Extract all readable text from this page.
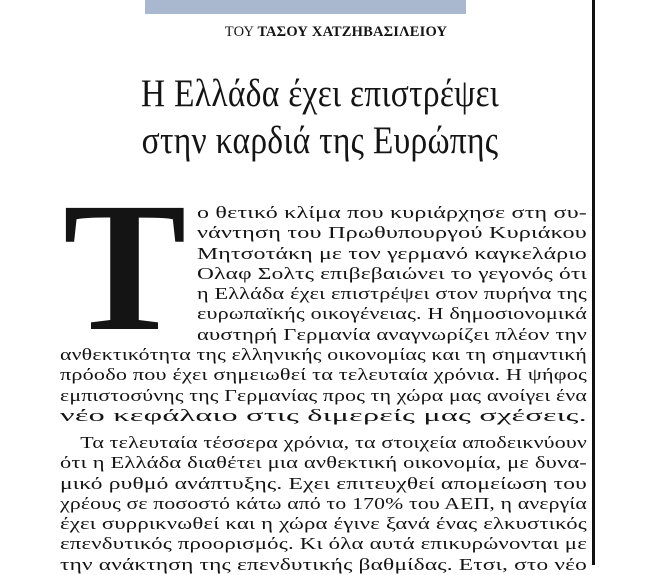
ΤΟΥ ΤΑΣΟΥ ΧΑΤΖΗΒΑΣΙΛΕΙΟΥ
Η Ελλάδα έχει επιστρέψει
στην καρδιά της Ευρώπης
Τ ο θετικό κλίμα που κυριάρχησε στη συ-
νάντηση του Πρωθυπουργού Κυριάκου
Μητσοτάκη με τον γερμανό καγκελάριο
Ολαφ Σολτς επιβεβαιώνει το γεγονός ότι
η Ελλάδα έχει επιστρέψει στον πυρήνα της
ευρωπαϊκής οικογένειας. Η δημοσιονομικά
αυστηρή Γερμανία αναγνωρίζει πλέον την
ανθεκτικότητα της ελληνικής οικονομίας και τη σημαντική
πρόοδο που έχει σημειωθεί τα τελευταία χρόνια. Η ψήφος
εμπιστοσύνης της Γερμανίας προς τη χώρα μας ανοίγει ένα
νέο κεφάλαιο στις διμερείς μας σχέσεις.
Τα τελευταία τέσσερα χρόνια, τα στοιχεία αποδεικνύουν
ότι η Ελλάδα διαθέτει μια ανθεκτική οικονομία, με δυνα-
μικό ρυθμό ανάπτυξης. Εχει επιτευχθεί απομείωση του
χρέους σε ποσοστό κάτω από το 170% του ΑΕΠ, η ανεργία
έχει συρρικνωθεί και η χώρα έγινε ξανά ένας ελκυστικός
επενδυτικός προορισμός. Κι όλα αυτά επικυρώνονται με
την ανάκτηση της επενδυτικής βαθμίδας. Ετσι, στο νέο
